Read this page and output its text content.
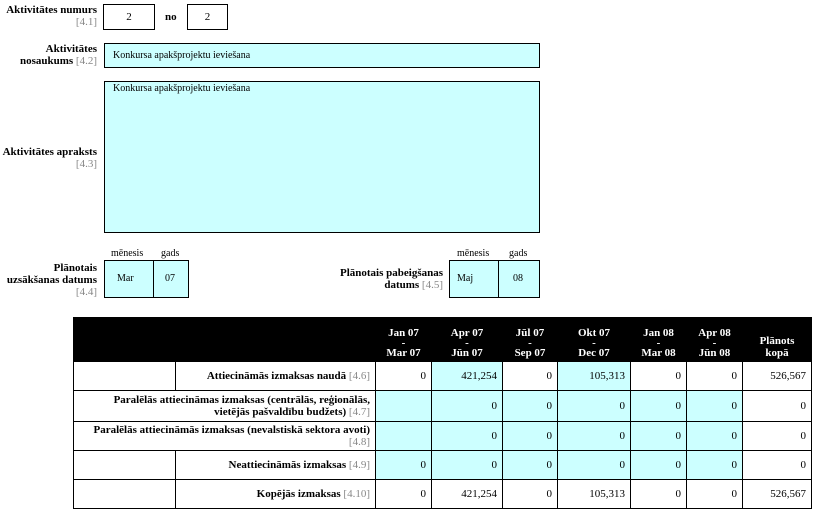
Aktivitātes numurs
[4.1]	2	no	2
Aktivitātes
nosaukums [4.2]	Konkursa apakšprojektu ieviešana
Aktivitātes apraksts
[4.3]
Konkursa apakšprojektu ieviešana
mēnesis gads
Plānotais
uzsākšanas datums
[4.4]
Mar	07
mēnesis gads
Plānotais pabeigšanas
datums [4.5]
Maj	08
		Jan 07
-
Mar 07	Apr 07
-
Jūn 07	Jūl 07
-
Sep 07	Okt 07
-
Dec 07	Jan 08
-
Mar 08	Apr 08
-
Jūn 08	Plānots
kopā
	Attiecināmās izmaksas naudā [4.6]	0	421,254	0	105,313	0	0	526,567
Paralēlās attiecināmas izmaksas (centrālās, reģionālās, vietējās pašvaldību budžets) [4.7]			0	0	0	0	0	0
Paralēlās attiecināmās izmaksas (nevalstiskā sektora avoti)
[4.8]			0	0	0	0	0	0
	Neattiecināmās izmaksas [4.9]	0	0	0	0	0	0	0
	Kopējās izmaksas [4.10]	0	421,254	0	105,313	0	0	526,567
